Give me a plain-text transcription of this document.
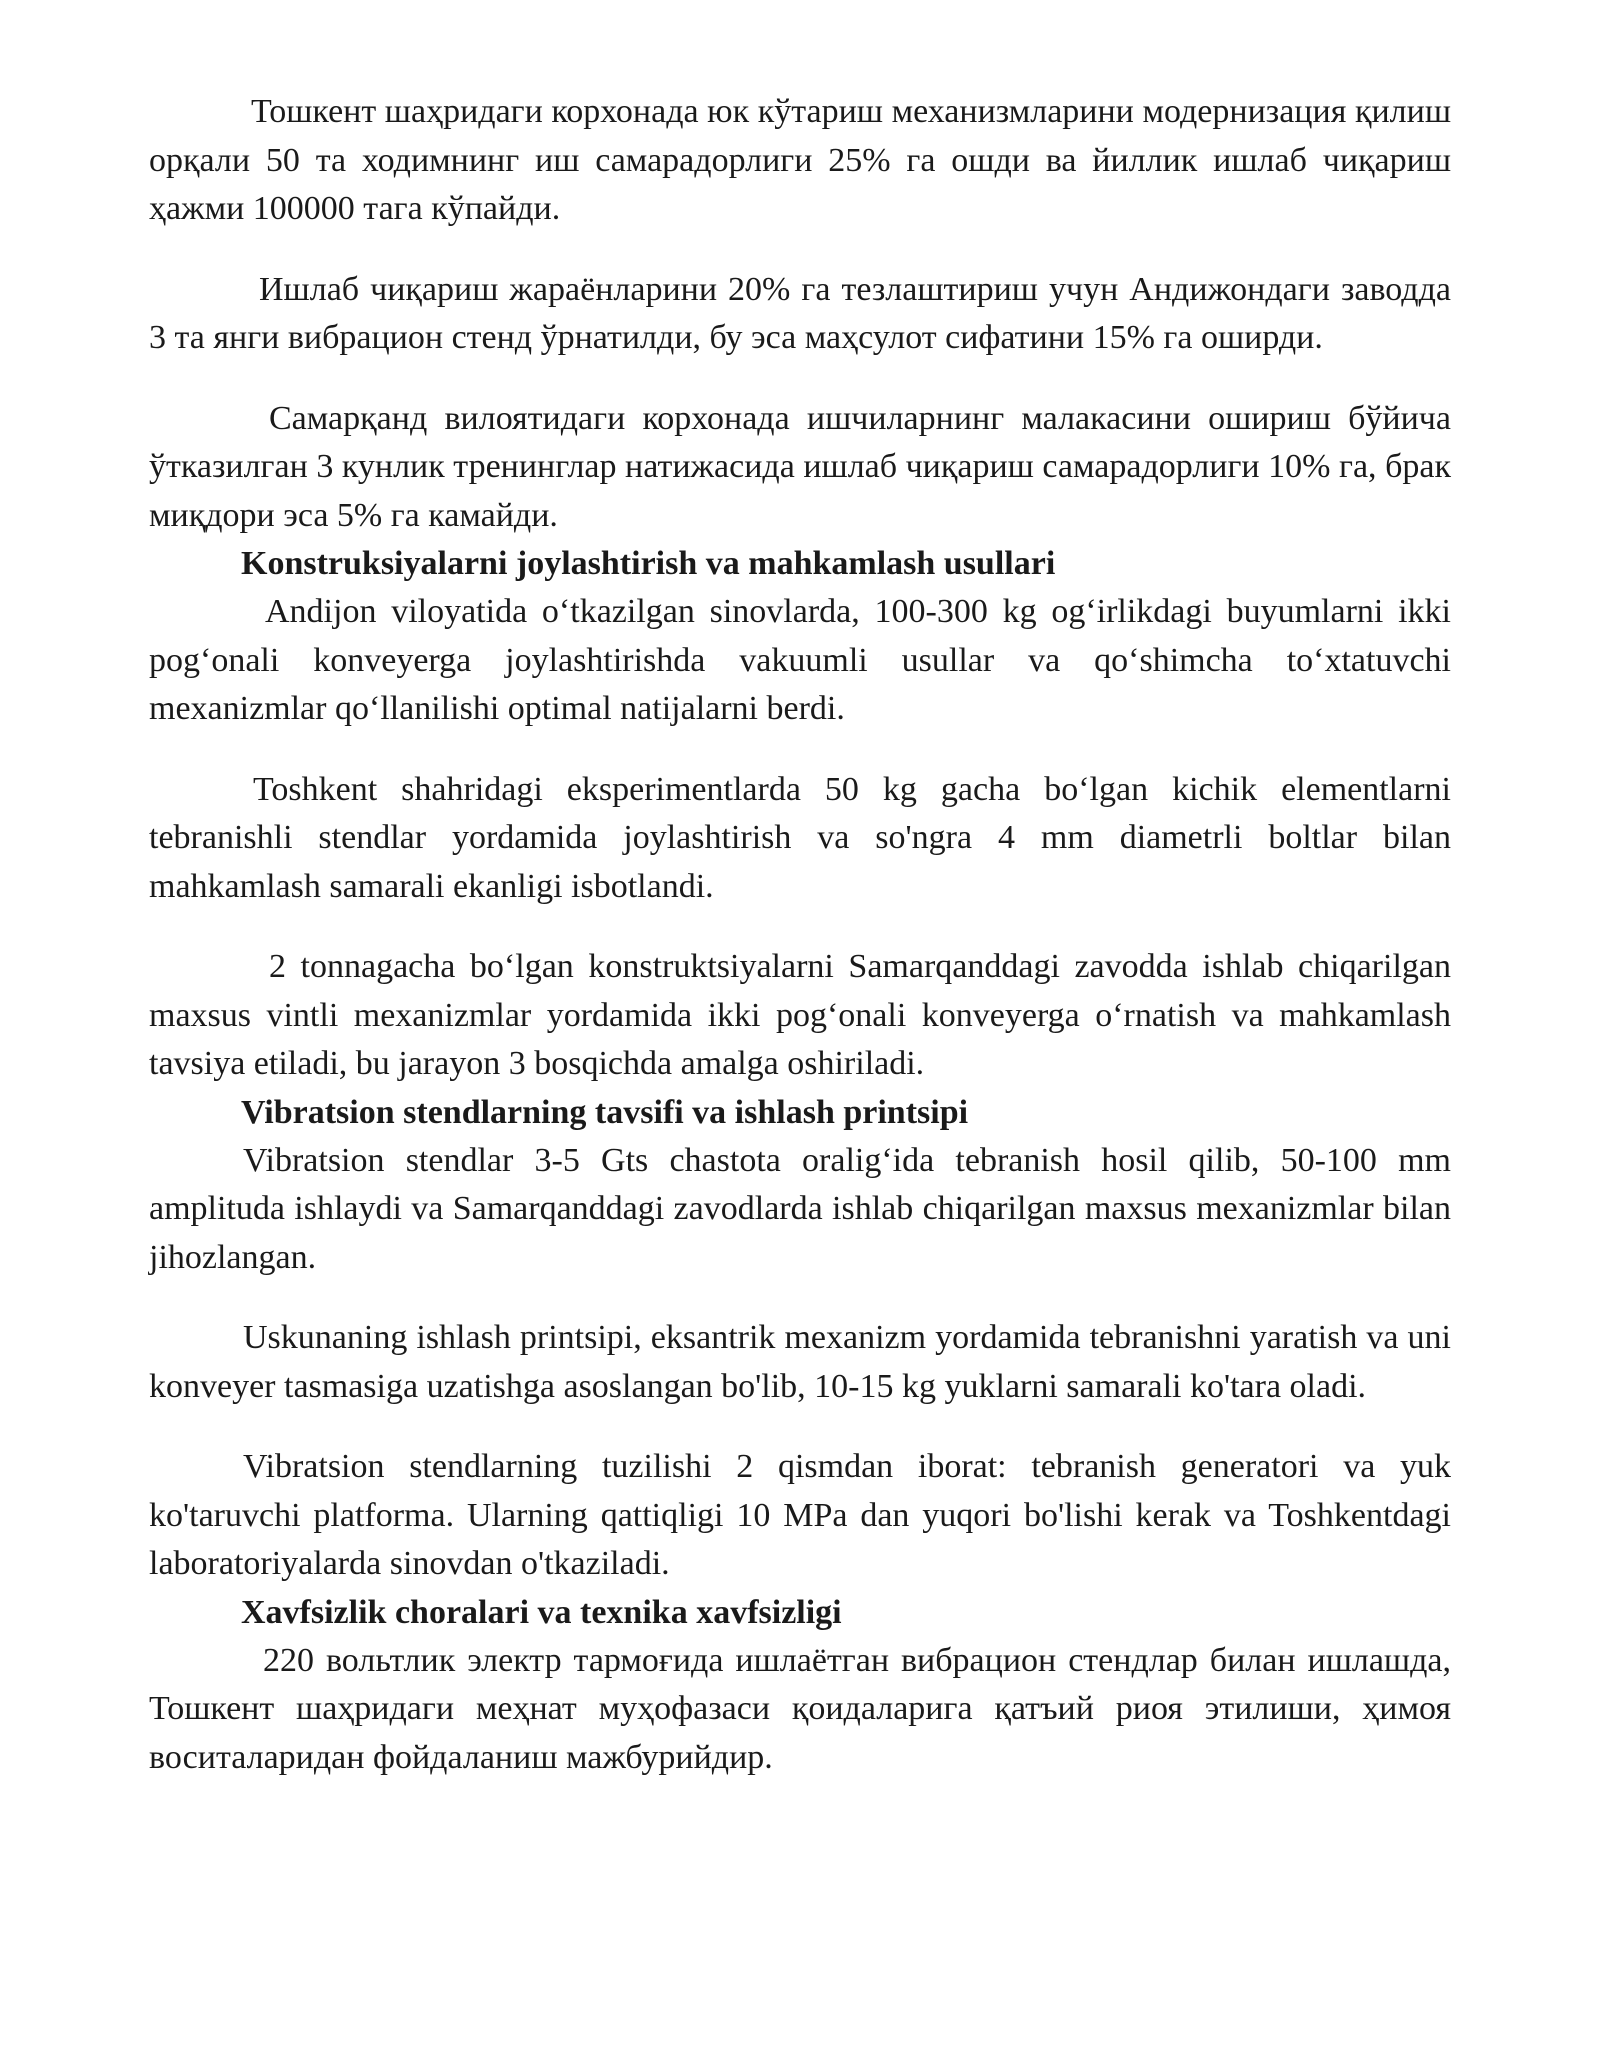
Тошкент шаҳридаги корхонада юк кўтариш механизмларини модернизация қилиш орқали 50 та ходимнинг иш самарадорлиги 25% га ошди ва йиллик ишлаб чиқариш ҳажми 100000 тага кўпайди.

Ишлаб чиқариш жараёнларини 20% га тезлаштириш учун Андижондаги заводда 3 та янги вибрацион стенд ўрнатилди, бу эса маҳсулот сифатини 15% га оширди.

Самарқанд вилоятидаги корхонада ишчиларнинг малакасини ошириш бўйича ўтказилган 3 кунлик тренинглар натижасида ишлаб чиқариш самарадорлиги 10% га, брак миқдори эса 5% га камайди.

Konstruksiyalarni joylashtirish va mahkamlash usullari

Andijon viloyatida o‘tkazilgan sinovlarda, 100-300 kg og‘irlikdagi buyumlarni ikki pog‘onali konveyerga joylashtirishda vakuumli usullar va qo‘shimcha to‘xtatuvchi mexanizmlar qo‘llanilishi optimal natijalarni berdi.

Toshkent shahridagi eksperimentlarda 50 kg gacha bo‘lgan kichik elementlarni tebranishli stendlar yordamida joylashtirish va so'ngra 4 mm diametrli boltlar bilan mahkamlash samarali ekanligi isbotlandi.

2 tonnagacha bo‘lgan konstruktsiyalarni Samarqanddagi zavodda ishlab chiqarilgan maxsus vintli mexanizmlar yordamida ikki pog‘onali konveyerga o‘rnatish va mahkamlash tavsiya etiladi, bu jarayon 3 bosqichda amalga oshiriladi.

Vibratsion stendlarning tavsifi va ishlash printsipi

Vibratsion stendlar 3-5 Gts chastota oralig‘ida tebranish hosil qilib, 50-100 mm amplituda ishlaydi va Samarqanddagi zavodlarda ishlab chiqarilgan maxsus mexanizmlar bilan jihozlangan.

Uskunaning ishlash printsipi, eksantrik mexanizm yordamida tebranishni yaratish va uni konveyer tasmasiga uzatishga asoslangan bo'lib, 10-15 kg yuklarni samarali ko'tara oladi.

Vibratsion stendlarning tuzilishi 2 qismdan iborat: tebranish generatori va yuk ko'taruvchi platforma. Ularning qattiqligi 10 MPa dan yuqori bo'lishi kerak va Toshkentdagi laboratoriyalarda sinovdan o'tkaziladi.

Xavfsizlik choralari va texnika xavfsizligi

220 вольтлик электр тармоғида ишлаётган вибрацион стендлар билан ишлашда, Тошкент шаҳридаги меҳнат муҳофазаси қоидаларига қатъий риоя этилиши, ҳимоя воситаларидан фойдаланиш мажбурийдир.
